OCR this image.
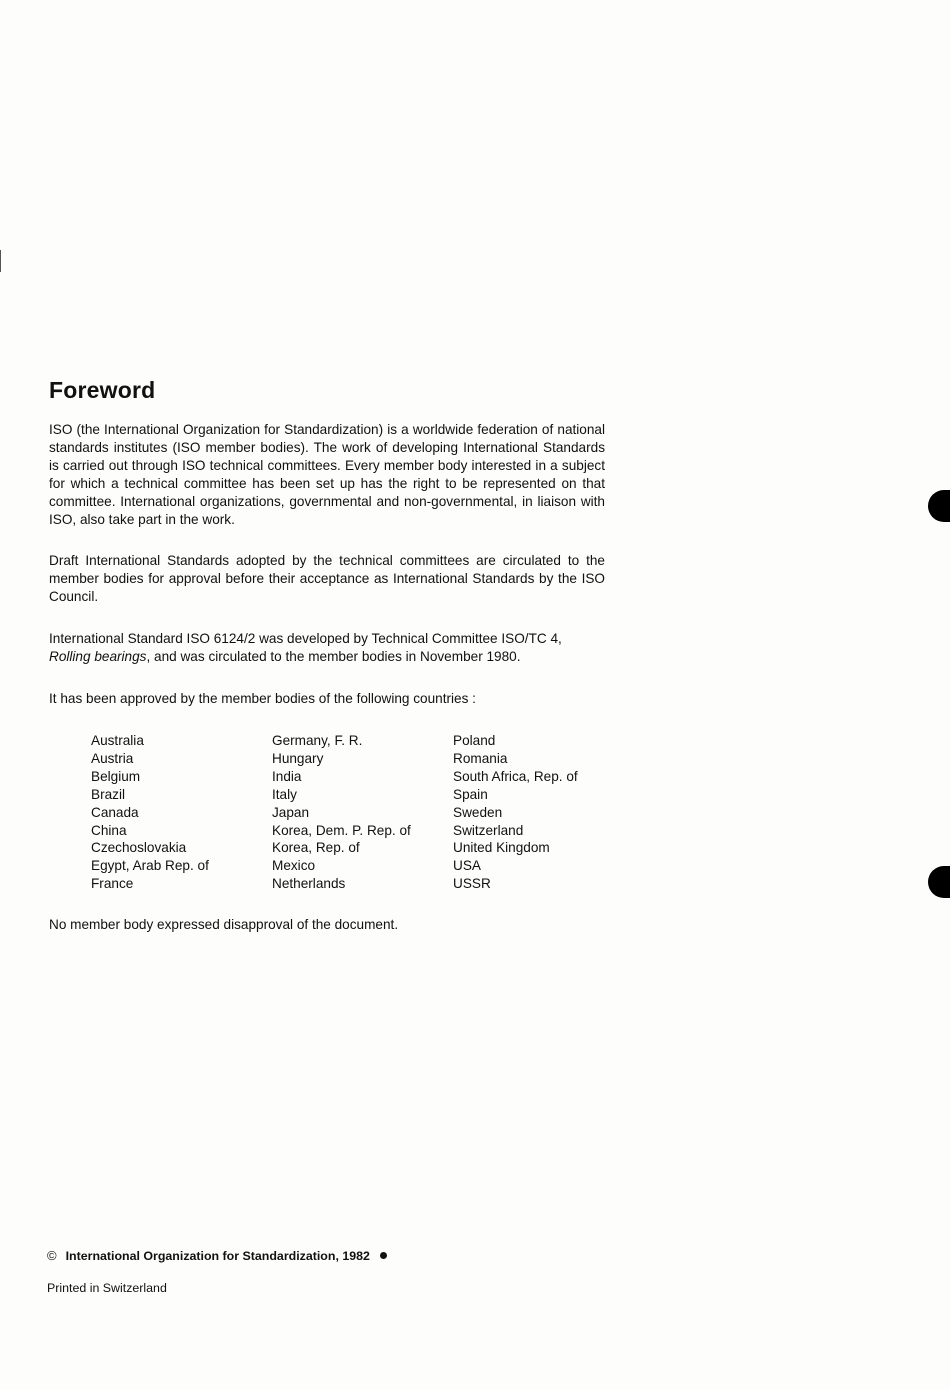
Foreword

ISO (the International Organization for Standardization) is a worldwide federation of national standards institutes (ISO member bodies). The work of developing International Standards is carried out through ISO technical committees. Every member body interested in a subject for which a technical committee has been set up has the right to be represented on that committee. International organizations, governmental and non-governmental, in liaison with ISO, also take part in the work.

Draft International Standards adopted by the technical committees are circulated to the member bodies for approval before their acceptance as International Standards by the ISO Council.

International Standard ISO 6124/2 was developed by Technical Committee ISO/TC 4,
Rolling bearings, and was circulated to the member bodies in November 1980.

It has been approved by the member bodies of the following countries :

Australia
Austria
Belgium
Brazil
Canada
China
Czechoslovakia
Egypt, Arab Rep. of
France
Germany, F. R.
Hungary
India
Italy
Japan
Korea, Dem. P. Rep. of
Korea, Rep. of
Mexico
Netherlands
Poland
Romania
South Africa, Rep. of
Spain
Sweden
Switzerland
United Kingdom
USA
USSR

No member body expressed disapproval of the document.

© International Organization for Standardization, 1982
Printed in Switzerland
